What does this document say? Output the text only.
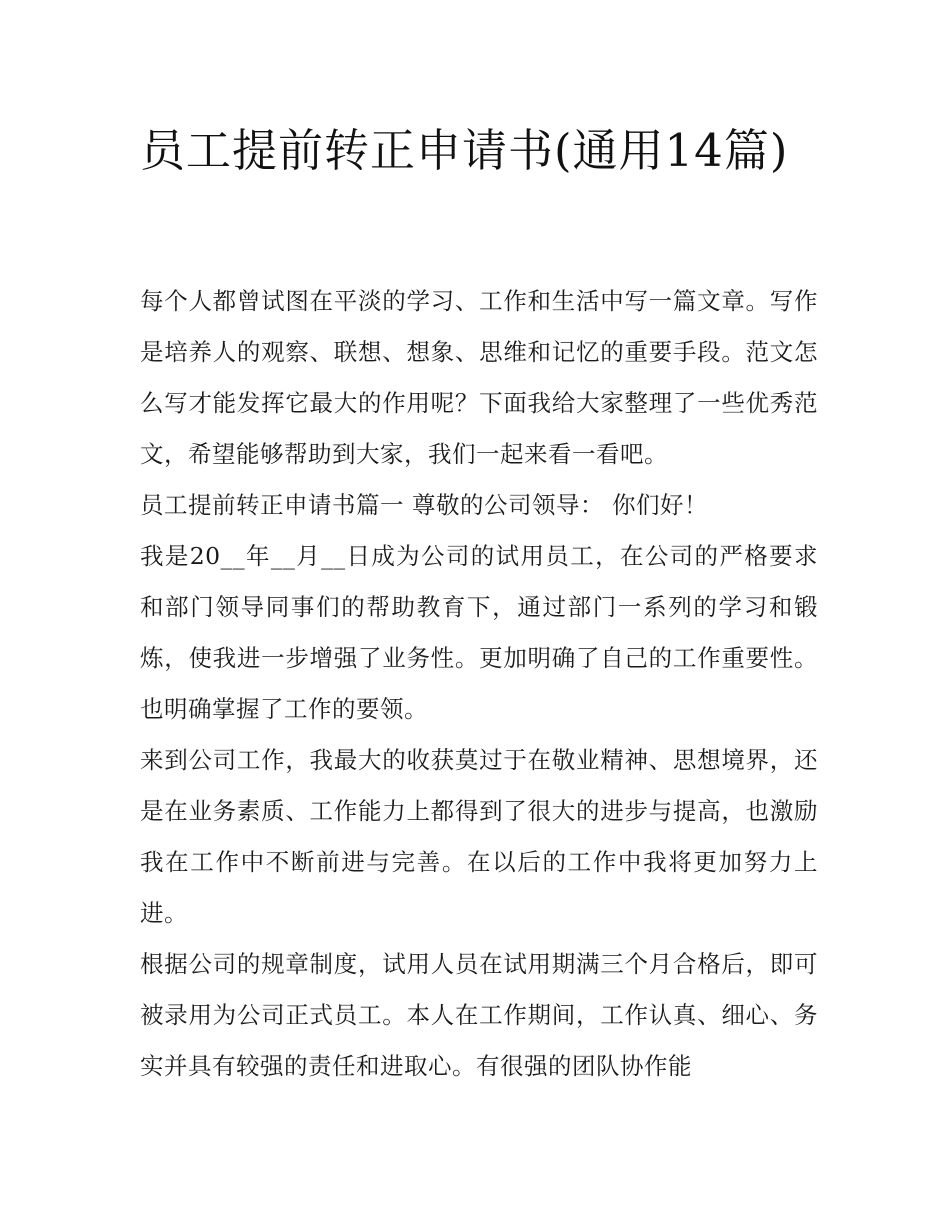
员工提前转正申请书(通用14篇)

每个人都曾试图在平淡的学习、工作和生活中写一篇文章。写作是培养人的观察、联想、想象、思维和记忆的重要手段。范文怎么写才能发挥它最大的作用呢？下面我给大家整理了一些优秀范文，希望能够帮助到大家，我们一起来看一看吧。

员工提前转正申请书篇一 尊敬的公司领导： 你们好！

我是20__年__月__日成为公司的试用员工，在公司的严格要求和部门领导同事们的帮助教育下，通过部门一系列的学习和锻炼，使我进一步增强了业务性。更加明确了自己的工作重要性。也明确掌握了工作的要领。

来到公司工作，我最大的收获莫过于在敬业精神、思想境界，还是在业务素质、工作能力上都得到了很大的进步与提高，也激励我在工作中不断前进与完善。在以后的工作中我将更加努力上进。

根据公司的规章制度，试用人员在试用期满三个月合格后，即可被录用为公司正式员工。本人在工作期间，工作认真、细心、务实并具有较强的责任和进取心。有很强的团队协作能
